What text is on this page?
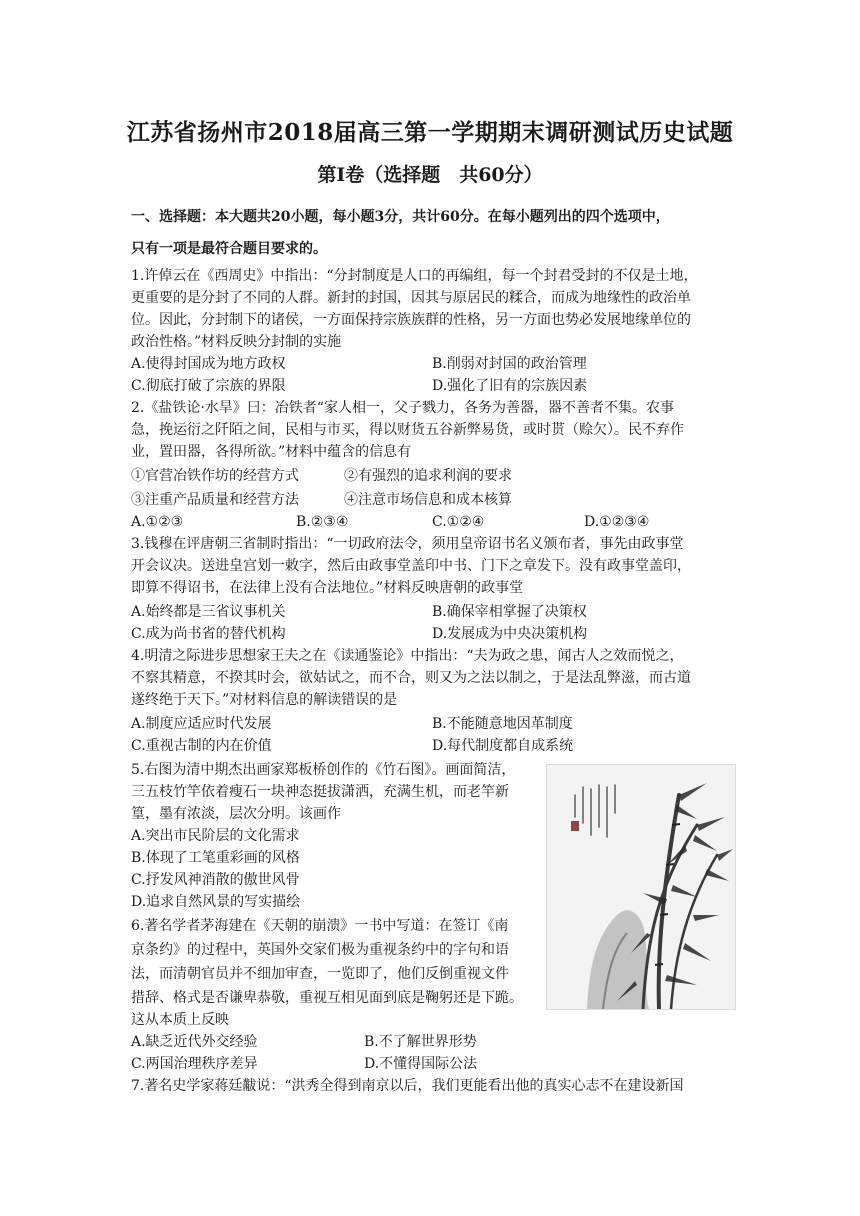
江苏省扬州市2018届高三第一学期期末调研测试历史试题
第Ⅰ卷（选择题　共60分）
一、选择题：本大题共20小题，每小题3分，共计60分。在每小题列出的四个选项中，
只有一项是最符合题目要求的。
1.许倬云在《西周史》中指出：“分封制度是人口的再编组，每一个封君受封的不仅是土地，
更重要的是分封了不同的人群。新封的封国，因其与原居民的糅合，而成为地缘性的政治单
位。因此，分封制下的诸侯，一方面保持宗族族群的性格，另一方面也势必发展地缘单位的
政治性格。”材料反映分封制的实施
A.使得封国成为地方政权	B.削弱对封国的政治管理
C.彻底打破了宗族的界限	D.强化了旧有的宗族因素
2.《盐铁论·水旱》曰：冶铁者“家人相一，父子戮力，各务为善器，器不善者不集。农事
急，挽运衍之阡陌之间，民相与市买，得以财货五谷新弊易货，或时贳（赊欠）。民不弃作
业，置田器，各得所欲。”材料中蕴含的信息有
①官营冶铁作坊的经营方式	②有强烈的追求利润的要求
③注重产品质量和经营方法	④注意市场信息和成本核算
A.①②③	B.②③④	C.①②④	D.①②③④
3.钱穆在评唐朝三省制时指出：“一切政府法令，须用皇帝诏书名义颁布者，事先由政事堂
开会议决。送进皇宫划一敕字，然后由政事堂盖印中书、门下之章发下。没有政事堂盖印，
即算不得诏书，在法律上没有合法地位。”材料反映唐朝的政事堂
A.始终都是三省议事机关	B.确保宰相掌握了决策权
C.成为尚书省的替代机构	D.发展成为中央决策机构
4.明清之际进步思想家王夫之在《读通鉴论》中指出：“夫为政之患，闻古人之效而悦之，
不察其精意，不揆其时会，欲姑试之，而不合，则又为之法以制之，于是法乱弊滋，而古道
遂终绝于天下。”对材料信息的解读错误的是
A.制度应适应时代发展	B.不能随意地因革制度
C.重视古制的内在价值	D.每代制度都自成系统
5.右图为清中期杰出画家郑板桥创作的《竹石图》。画面简洁，
三五枝竹竿依着瘦石一块神态挺拔潇洒，充满生机，而老竿新
篁，墨有浓淡，层次分明。该画作
A.突出市民阶层的文化需求
B.体现了工笔重彩画的风格
C.抒发风神消散的傲世风骨
D.追求自然风景的写实描绘
6.著名学者茅海建在《天朝的崩溃》一书中写道：在签订《南
京条约》的过程中，英国外交家们极为重视条约中的字句和语
法，而清朝官员并不细加审查，一览即了，他们反倒重视文件
措辞、格式是否谦卑恭敬，重视互相见面到底是鞠躬还是下跪。
这从本质上反映
A.缺乏近代外交经验	B.不了解世界形势
C.两国治理秩序差异	D.不懂得国际公法
7.著名史学家蒋廷黻说：“洪秀全得到南京以后，我们更能看出他的真实心志不在建设新国
